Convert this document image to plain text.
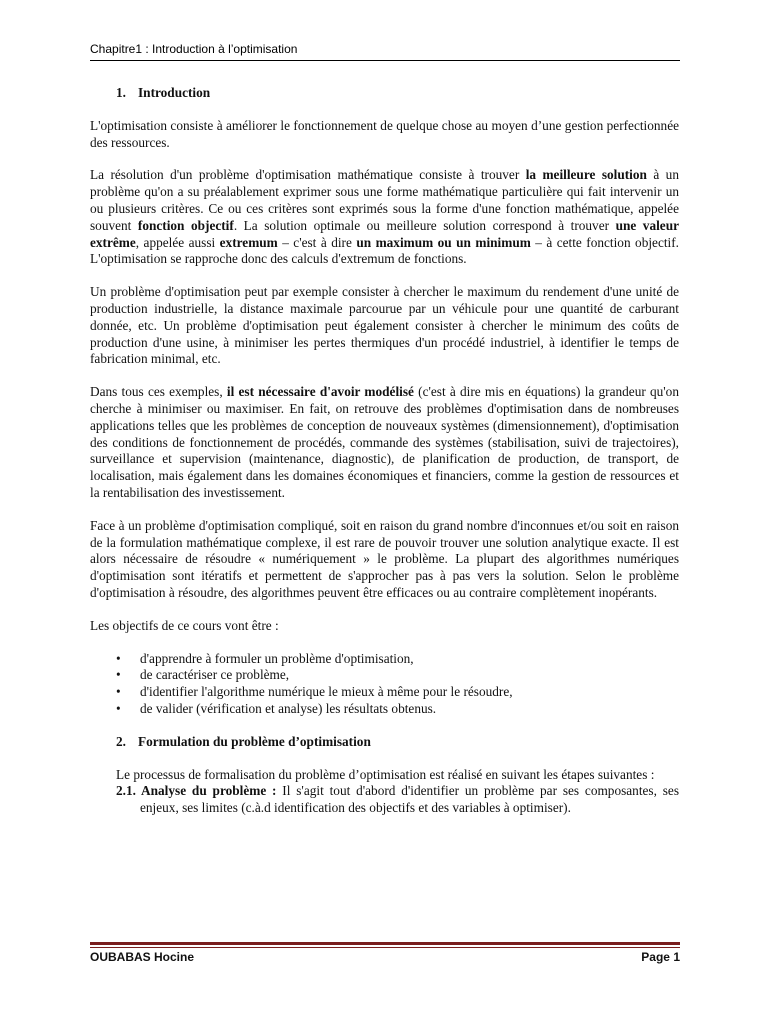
Chapitre1 : Introduction à l’optimisation
1. Introduction

L'optimisation consiste à améliorer le fonctionnement de quelque chose au moyen d’une gestion perfectionnée des ressources.

La résolution d'un problème d'optimisation mathématique consiste à trouver la meilleure solution à un problème qu'on a su préalablement exprimer sous une forme mathématique particulière qui fait intervenir un ou plusieurs critères. Ce ou ces critères sont exprimés sous la forme d'une fonction mathématique, appelée souvent fonction objectif. La solution optimale ou meilleure solution correspond à trouver une valeur extrême, appelée aussi extremum – c'est à dire un maximum ou un minimum – à cette fonction objectif. L'optimisation se rapproche donc des calculs d'extremum de fonctions.

Un problème d'optimisation peut par exemple consister à chercher le maximum du rendement d'une unité de production industrielle, la distance maximale parcourue par un véhicule pour une quantité de carburant donnée, etc. Un problème d'optimisation peut également consister à chercher le minimum des coûts de production d'une usine, à minimiser les pertes thermiques d'un procédé industriel, à identifier le temps de fabrication minimal, etc.

Dans tous ces exemples, il est nécessaire d'avoir modélisé (c'est à dire mis en équations) la grandeur qu'on cherche à minimiser ou maximiser. En fait, on retrouve des problèmes d'optimisation dans de nombreuses applications telles que les problèmes de conception de nouveaux systèmes (dimensionnement), d'optimisation des conditions de fonctionnement de procédés, commande des systèmes (stabilisation, suivi de trajectoires), surveillance et supervision (maintenance, diagnostic), de planification de production, de transport, de localisation, mais également dans les domaines économiques et financiers, comme la gestion de ressources et la rentabilisation des investissement.

Face à un problème d'optimisation compliqué, soit en raison du grand nombre d'inconnues et/ou soit en raison de la formulation mathématique complexe, il est rare de pouvoir trouver une solution analytique exacte. Il est alors nécessaire de résoudre « numériquement » le problème. La plupart des algorithmes numériques d'optimisation sont itératifs et permettent de s'approcher pas à pas vers la solution. Selon le problème d'optimisation à résoudre, des algorithmes peuvent être efficaces ou au contraire complètement inopérants.

Les objectifs de ce cours vont être :

• d'apprendre à formuler un problème d'optimisation,
• de caractériser ce problème,
• d'identifier l'algorithme numérique le mieux à même pour le résoudre,
• de valider (vérification et analyse) les résultats obtenus.
2. Formulation du problème d’optimisation

Le processus de formalisation du problème d’optimisation est réalisé en suivant les étapes suivantes :

2.1. Analyse du problème : Il s'agit tout d'abord d'identifier un problème par ses composantes, ses enjeux, ses limites (c.à.d identification des objectifs et des variables à optimiser).

OUBABAS Hocine	Page 1
